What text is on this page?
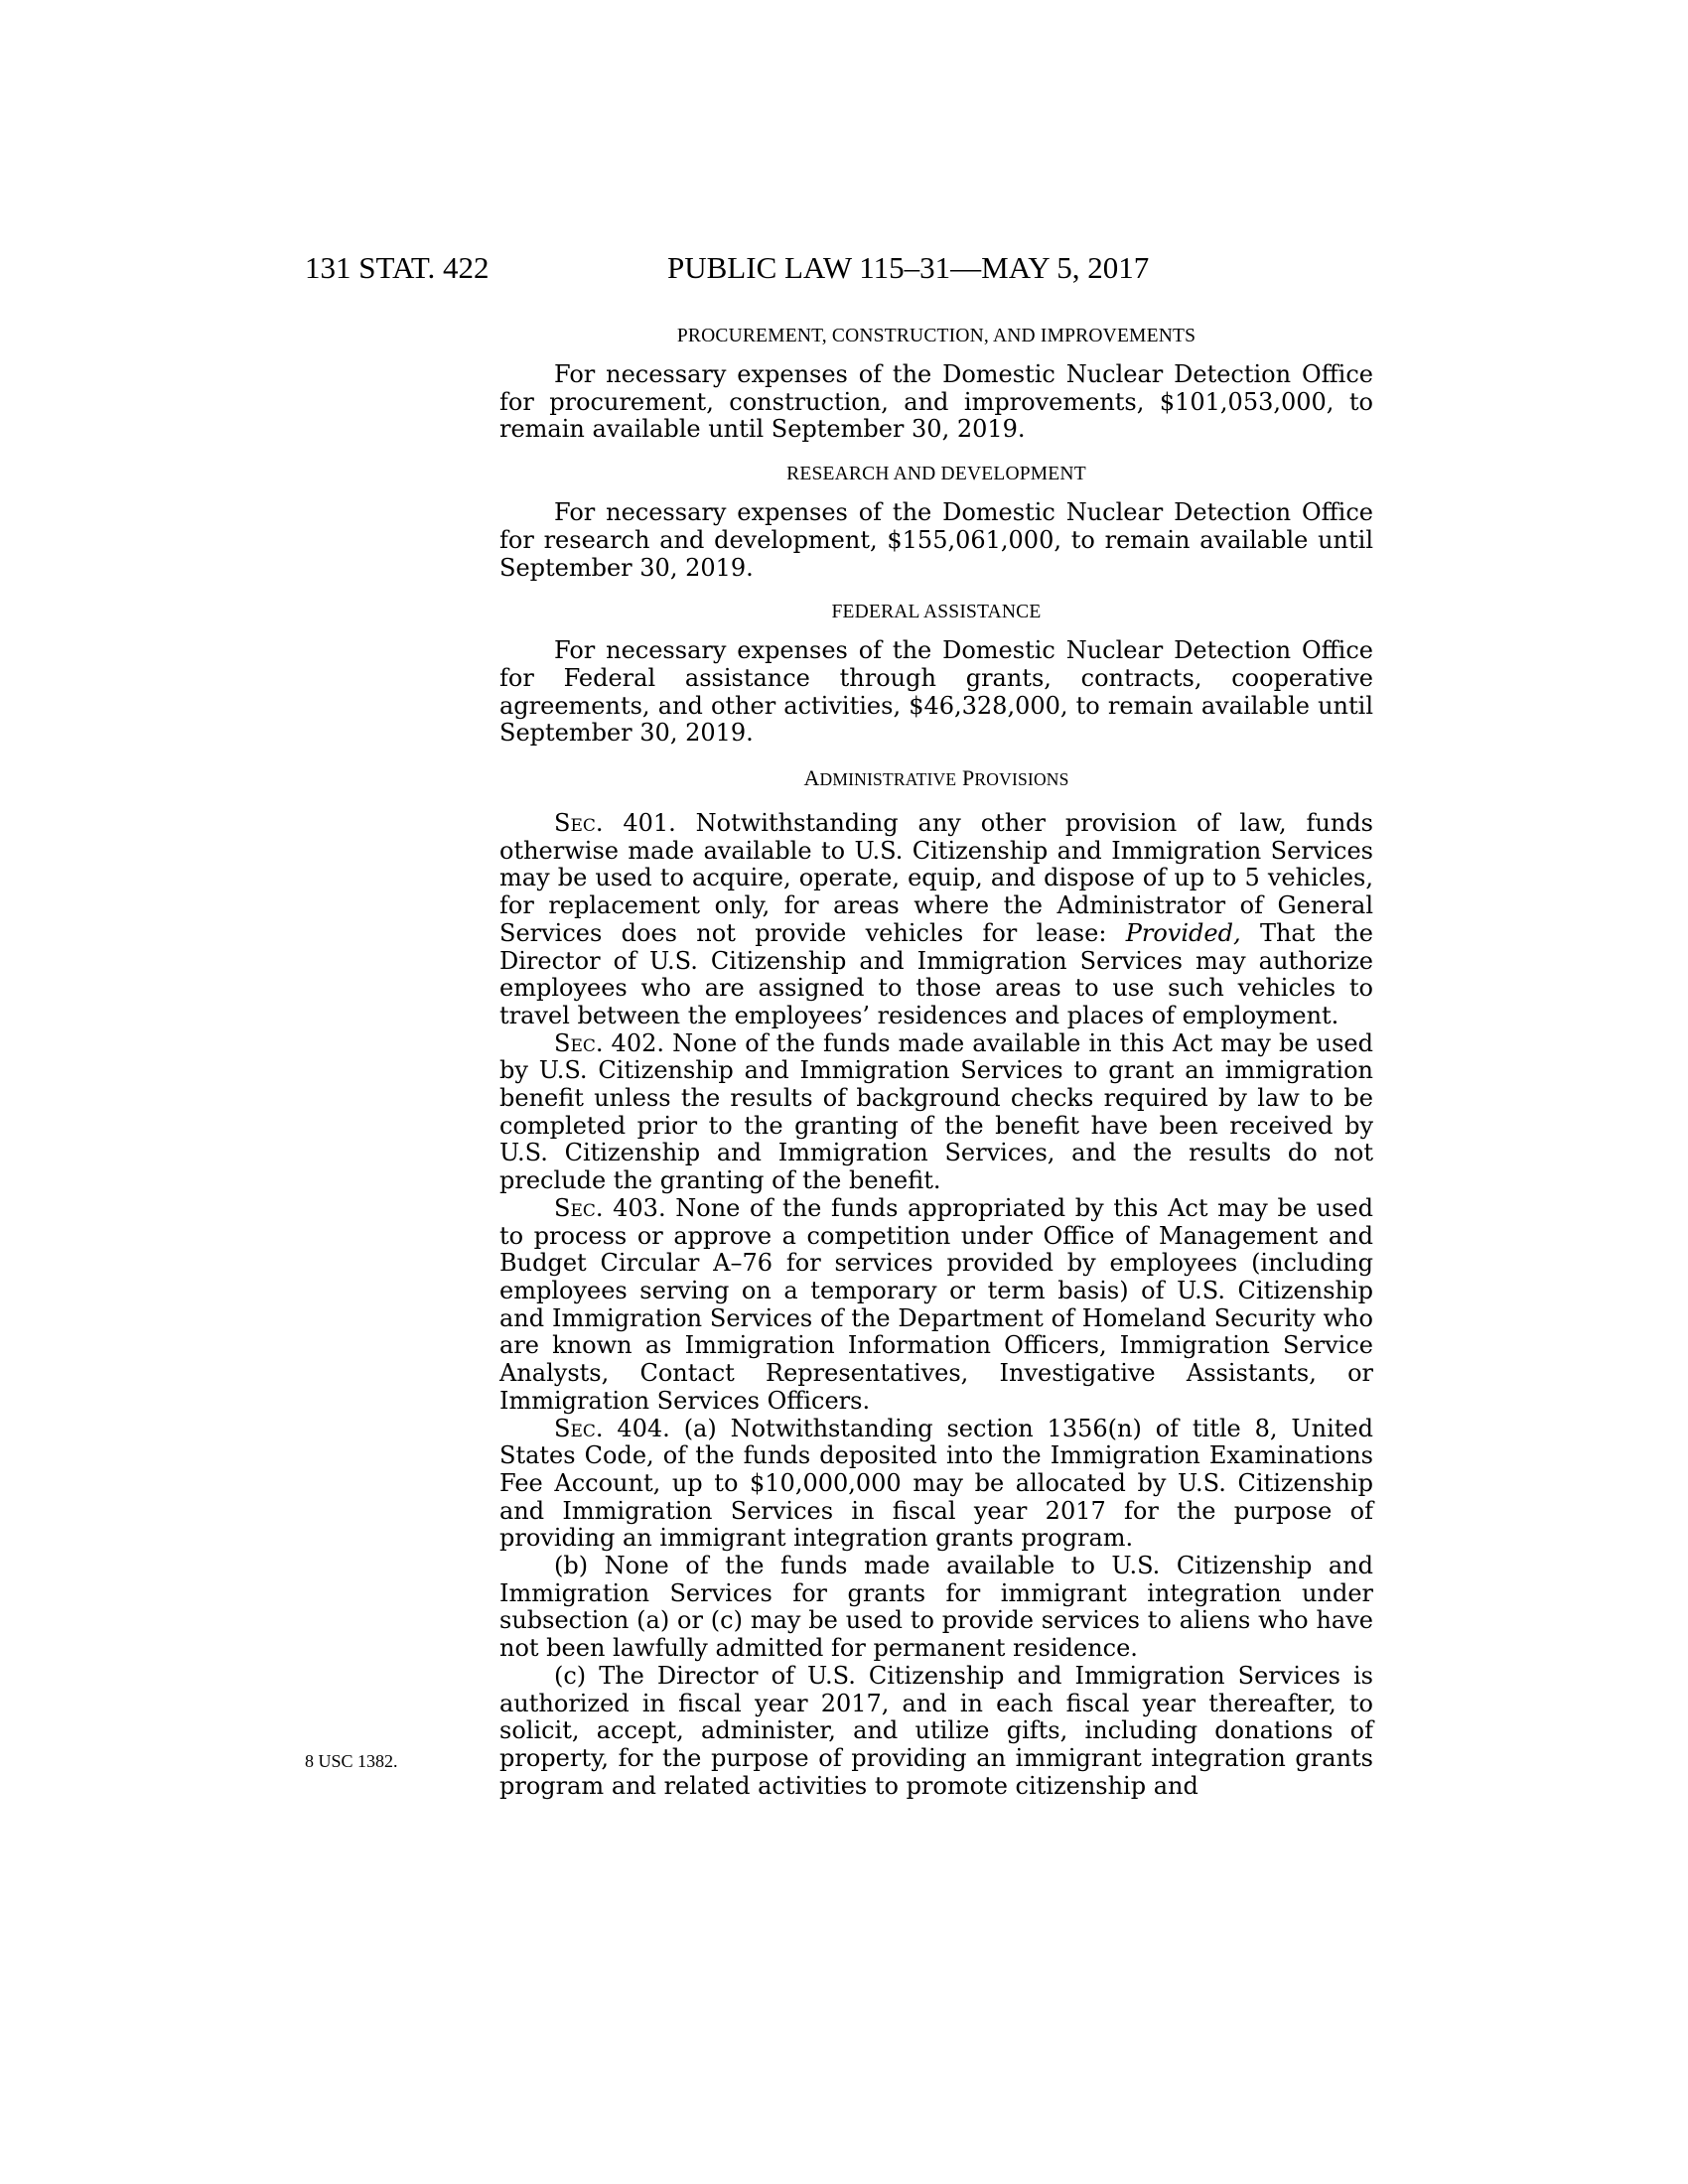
131 STAT. 422	PUBLIC LAW 115–31—MAY 5, 2017
8 USC 1382.
PROCUREMENT, CONSTRUCTION, AND IMPROVEMENTS

For necessary expenses of the Domestic Nuclear Detection Office for procurement, construction, and improvements, $101,053,000, to remain available until September 30, 2019.

RESEARCH AND DEVELOPMENT

For necessary expenses of the Domestic Nuclear Detection Office for research and development, $155,061,000, to remain available until September 30, 2019.

FEDERAL ASSISTANCE

For necessary expenses of the Domestic Nuclear Detection Office for Federal assistance through grants, contracts, cooperative agreements, and other activities, $46,328,000, to remain available until September 30, 2019.

ADMINISTRATIVE PROVISIONS

Sec. 401. Notwithstanding any other provision of law, funds otherwise made available to U.S. Citizenship and Immigration Services may be used to acquire, operate, equip, and dispose of up to 5 vehicles, for replacement only, for areas where the Administrator of General Services does not provide vehicles for lease: Provided, That the Director of U.S. Citizenship and Immigration Services may authorize employees who are assigned to those areas to use such vehicles to travel between the employees’ residences and places of employment.

Sec. 402. None of the funds made available in this Act may be used by U.S. Citizenship and Immigration Services to grant an immigration benefit unless the results of background checks required by law to be completed prior to the granting of the benefit have been received by U.S. Citizenship and Immigration Services, and the results do not preclude the granting of the benefit.

Sec. 403. None of the funds appropriated by this Act may be used to process or approve a competition under Office of Management and Budget Circular A–76 for services provided by employees (including employees serving on a temporary or term basis) of U.S. Citizenship and Immigration Services of the Department of Homeland Security who are known as Immigration Information Officers, Immigration Service Analysts, Contact Representatives, Investigative Assistants, or Immigration Services Officers.

Sec. 404. (a) Notwithstanding section 1356(n) of title 8, United States Code, of the funds deposited into the Immigration Examinations Fee Account, up to $10,000,000 may be allocated by U.S. Citizenship and Immigration Services in fiscal year 2017 for the purpose of providing an immigrant integration grants program.

(b) None of the funds made available to U.S. Citizenship and Immigration Services for grants for immigrant integration under subsection (a) or (c) may be used to provide services to aliens who have not been lawfully admitted for permanent residence.

(c) The Director of U.S. Citizenship and Immigration Services is authorized in fiscal year 2017, and in each fiscal year thereafter, to solicit, accept, administer, and utilize gifts, including donations of property, for the purpose of providing an immigrant integration grants program and related activities to promote citizenship and
